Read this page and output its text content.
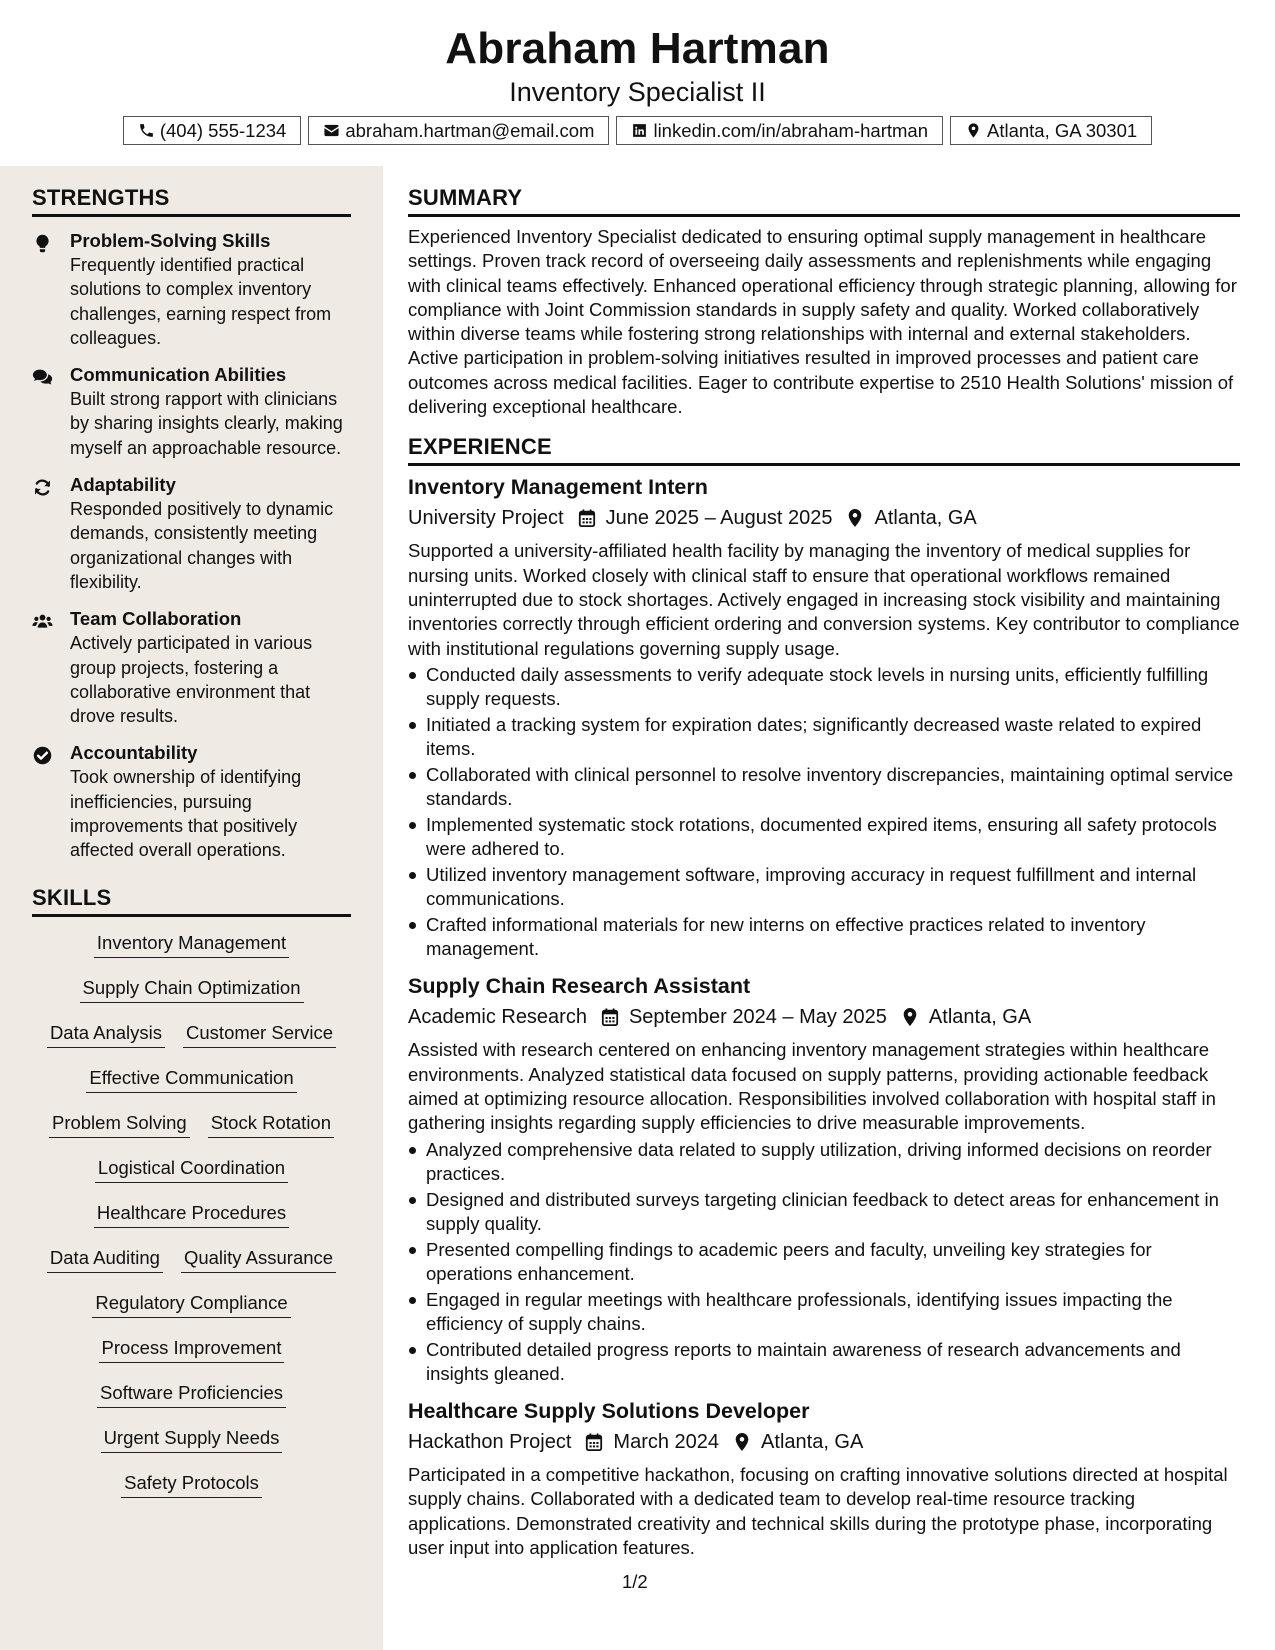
Abraham Hartman
Inventory Specialist II
(404) 555-1234	abraham.hartman@email.com	linkedin.com/in/abraham-hartman	Atlanta, GA 30301
STRENGTHS
Problem-Solving Skills
Frequently identified practical solutions to complex inventory challenges, earning respect from colleagues.
Communication Abilities
Built strong rapport with clinicians by sharing insights clearly, making myself an approachable resource.
Adaptability
Responded positively to dynamic demands, consistently meeting organizational changes with flexibility.
Team Collaboration
Actively participated in various group projects, fostering a collaborative environment that drove results.
Accountability
Took ownership of identifying inefficiencies, pursuing improvements that positively affected overall operations.
SKILLS
Inventory Management
Supply Chain Optimization
Data Analysis Customer Service
Effective Communication
Problem Solving Stock Rotation
Logistical Coordination
Healthcare Procedures
Data Auditing Quality Assurance
Regulatory Compliance
Process Improvement
Software Proficiencies
Urgent Supply Needs
Safety Protocols
SUMMARY
Experienced Inventory Specialist dedicated to ensuring optimal supply management in healthcare settings. Proven track record of overseeing daily assessments and replenishments while engaging with clinical teams effectively. Enhanced operational efficiency through strategic planning, allowing for compliance with Joint Commission standards in supply safety and quality. Worked collaboratively within diverse teams while fostering strong relationships with internal and external stakeholders. Active participation in problem-solving initiatives resulted in improved processes and patient care outcomes across medical facilities. Eager to contribute expertise to 2510 Health Solutions' mission of delivering exceptional healthcare.
EXPERIENCE
Inventory Management Intern
University Project June 2025 – August 2025 Atlanta, GA
Supported a university-affiliated health facility by managing the inventory of medical supplies for nursing units. Worked closely with clinical staff to ensure that operational workflows remained uninterrupted due to stock shortages. Actively engaged in increasing stock visibility and maintaining inventories correctly through efficient ordering and conversion systems. Key contributor to compliance with institutional regulations governing supply usage.
Conducted daily assessments to verify adequate stock levels in nursing units, efficiently fulfilling supply requests.
Initiated a tracking system for expiration dates; significantly decreased waste related to expired items.
Collaborated with clinical personnel to resolve inventory discrepancies, maintaining optimal service standards.
Implemented systematic stock rotations, documented expired items, ensuring all safety protocols were adhered to.
Utilized inventory management software, improving accuracy in request fulfillment and internal communications.
Crafted informational materials for new interns on effective practices related to inventory management.
Supply Chain Research Assistant
Academic Research September 2024 – May 2025 Atlanta, GA
Assisted with research centered on enhancing inventory management strategies within healthcare environments. Analyzed statistical data focused on supply patterns, providing actionable feedback aimed at optimizing resource allocation. Responsibilities involved collaboration with hospital staff in gathering insights regarding supply efficiencies to drive measurable improvements.
Analyzed comprehensive data related to supply utilization, driving informed decisions on reorder practices.
Designed and distributed surveys targeting clinician feedback to detect areas for enhancement in supply quality.
Presented compelling findings to academic peers and faculty, unveiling key strategies for operations enhancement.
Engaged in regular meetings with healthcare professionals, identifying issues impacting the efficiency of supply chains.
Contributed detailed progress reports to maintain awareness of research advancements and insights gleaned.
Healthcare Supply Solutions Developer
Hackathon Project March 2024 Atlanta, GA
Participated in a competitive hackathon, focusing on crafting innovative solutions directed at hospital supply chains. Collaborated with a dedicated team to develop real-time resource tracking applications. Demonstrated creativity and technical skills during the prototype phase, incorporating user input into application features.
1/2
